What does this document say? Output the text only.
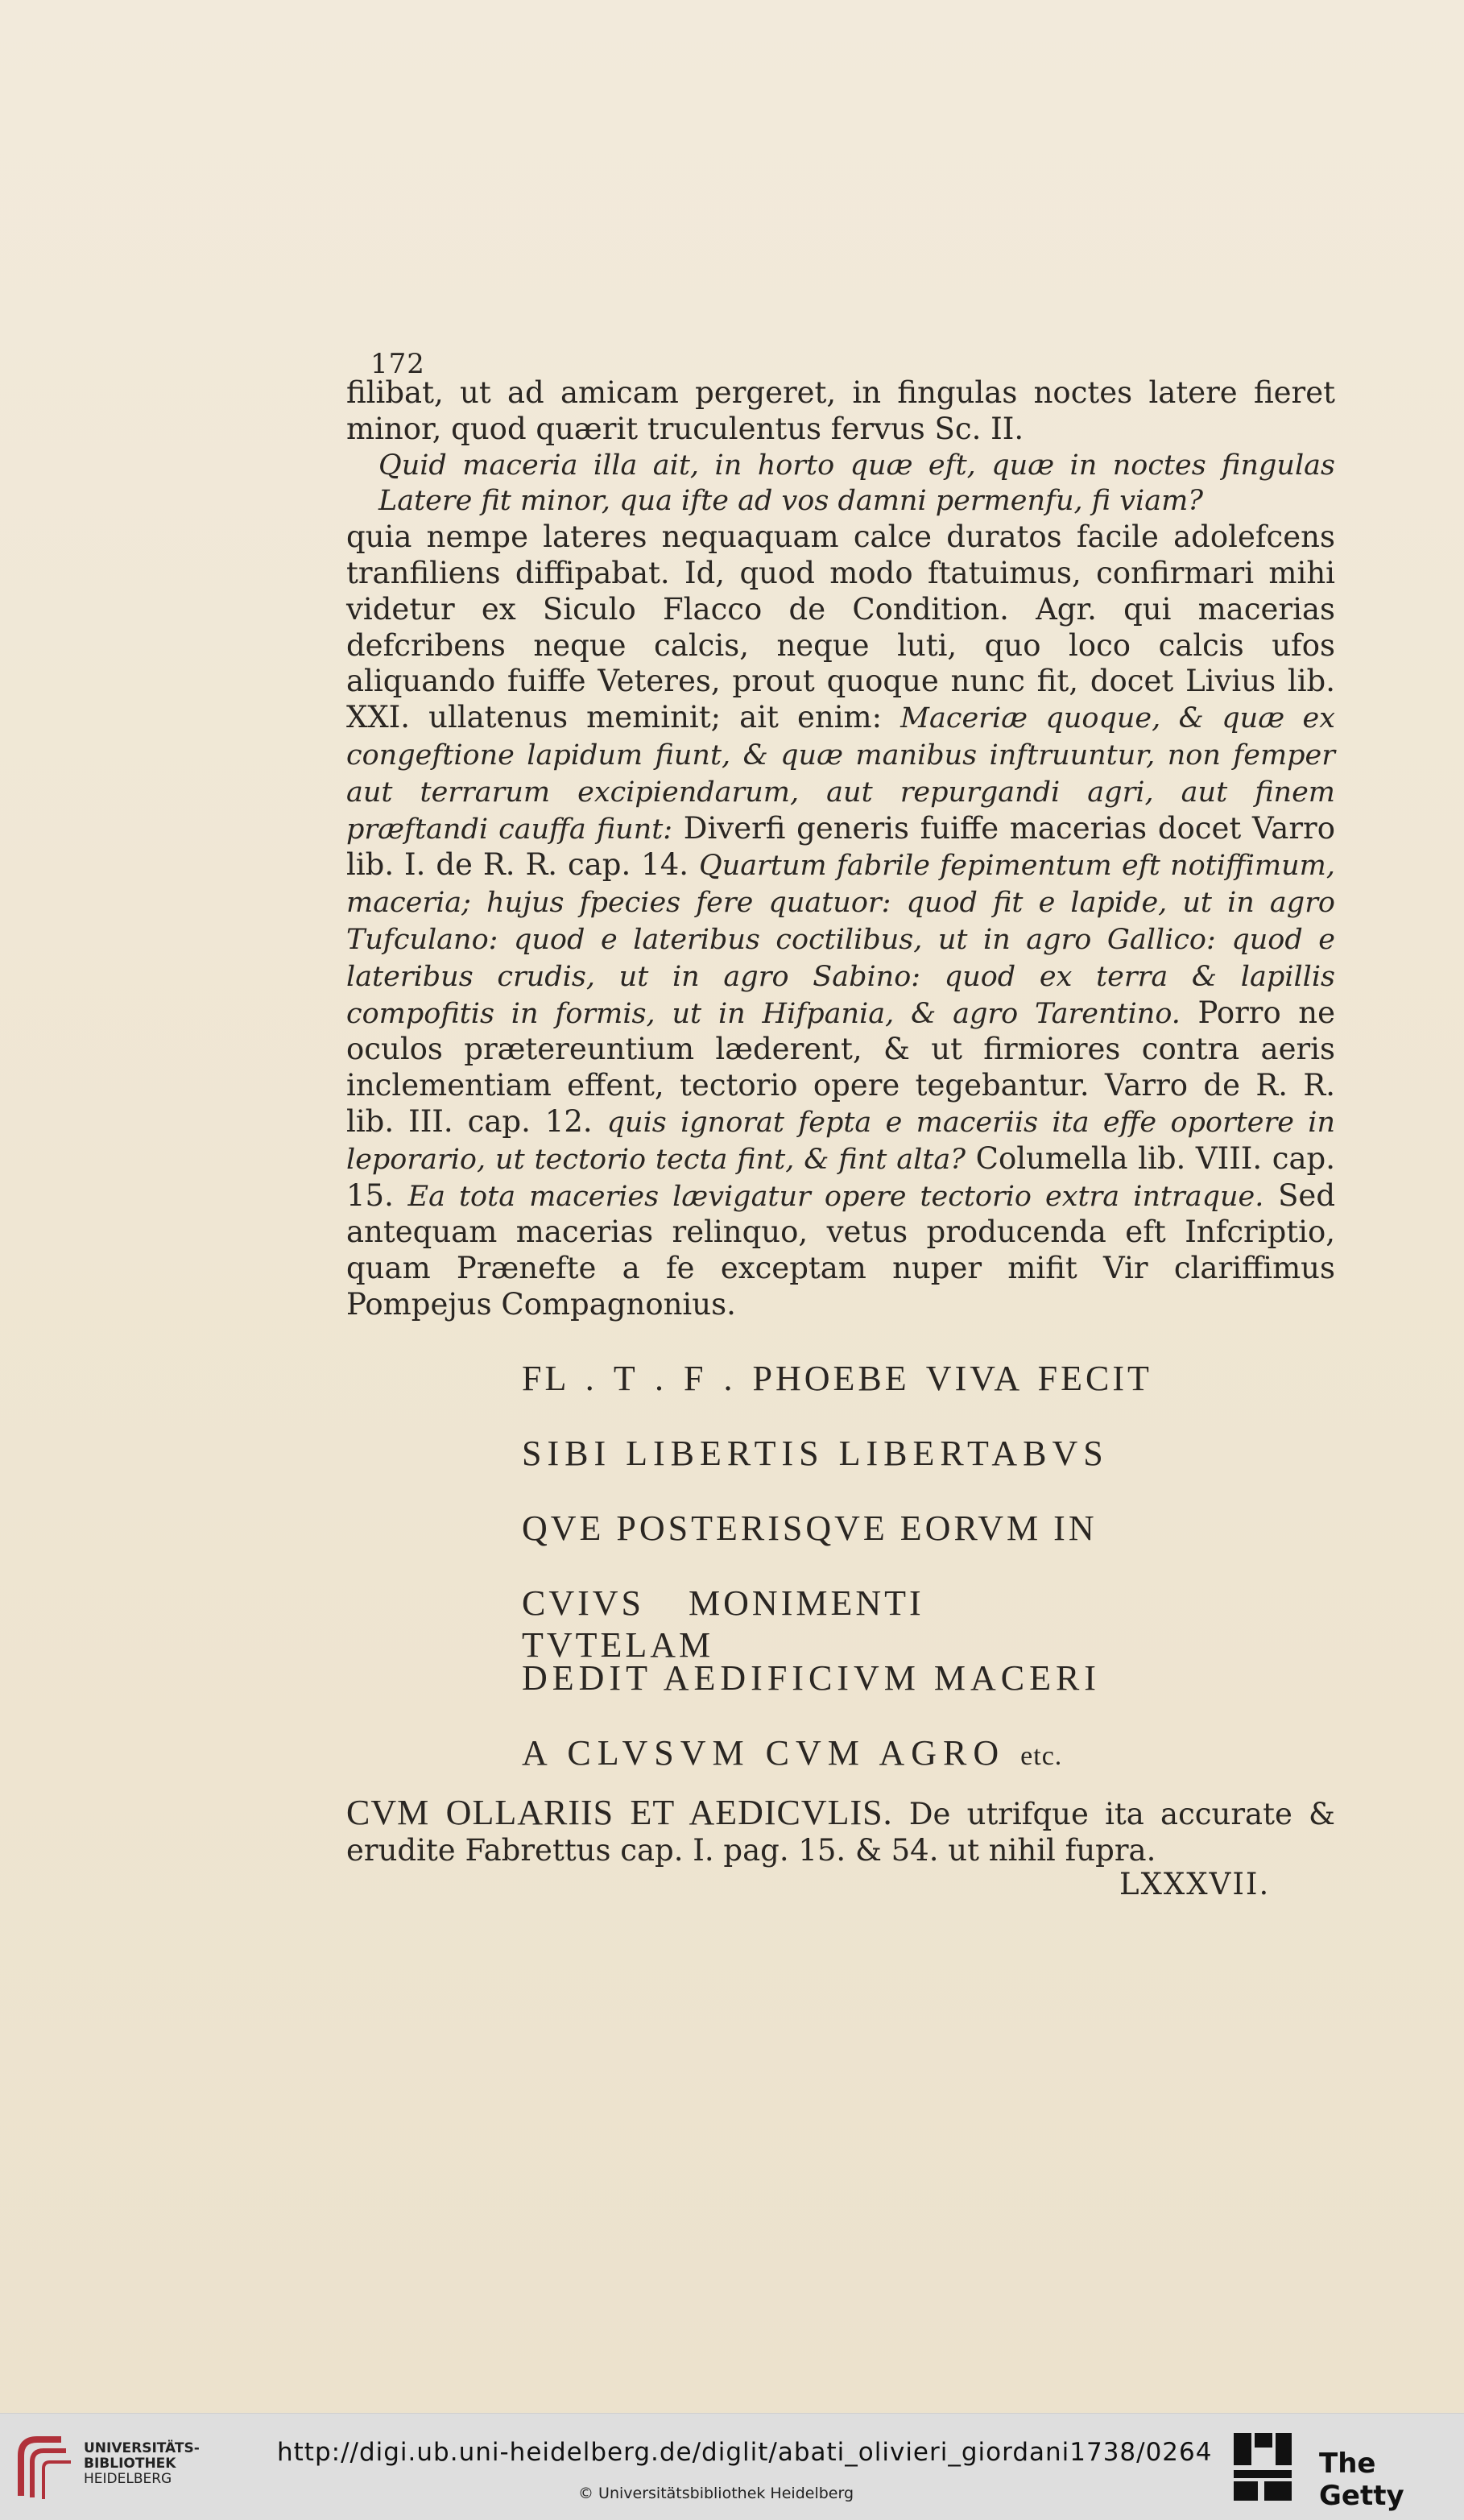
172

filibat, ut ad amicam pergeret, in fingulas noctes latere fieret minor, quod quærit truculentus fervus Sc. II.
Quid maceria illa ait, in horto quæ eft, quæ in noctes fingulas Latere fit minor, qua ifte ad vos damni permenfu, fi viam?
quia nempe lateres nequaquam calce duratos facile adolefcens tranfiliens diffipabat. Id, quod modo ftatuimus, confirmari mihi videtur ex Siculo Flacco de Condition. Agr. qui macerias defcribens neque calcis, neque luti, quo loco calcis ufos aliquando fuiffe Veteres, prout quoque nunc fit, docet Livius lib. XXI. ullatenus meminit; ait enim: Maceriæ quoque, & quæ ex congeftione lapidum fiunt, & quæ manibus inftruuntur, non femper aut terrarum excipiendarum, aut repurgandi agri, aut finem præftandi cauffa fiunt: Diverfi generis fuiffe macerias docet Varro lib. I. de R. R. cap. 14. Quartum fabrile fepimentum eft notiffimum, maceria; hujus fpecies fere quatuor: quod fit e lapide, ut in agro Tufculano: quod e lateribus coctilibus, ut in agro Gallico: quod e lateribus crudis, ut in agro Sabino: quod ex terra & lapillis compofitis in formis, ut in Hifpania, & agro Tarentino. Porro ne oculos prætereuntium læderent, & ut firmiores contra aeris inclementiam effent, tectorio opere tegebantur. Varro de R. R. lib. III. cap. 12. quis ignorat fepta e maceriis ita effe oportere in leporario, ut tectorio tecta fint, & fint alta? Columella lib. VIII. cap. 15. Ea tota maceries lævigatur opere tectorio extra intraque. Sed antequam macerias relinquo, vetus producenda eft Infcriptio, quam Prænefte a fe exceptam nuper mifit Vir clariffimus Pompejus Compagnonius.

FL . T . F . PHOEBE VIVA FECIT
SIBI LIBERTIS LIBERTABVS
QVE POSTERISQVE EORVM IN
CVIVS MONIMENTI TVTELAM
DEDIT AEDIFICIVM MACERI
A CLVSVM CVM AGRO etc.
CVM OLLARIIS ET AEDICVLIS. De utrifque ita accurate & erudite Fabrettus cap. I. pag. 15. & 54. ut nihil fupra.
LXXXVII.
UNIVERSITÄTS-
BIBLIOTHEK
HEIDELBERG
http://digi.ub.uni-heidelberg.de/diglit/abati_olivieri_giordani1738/0264
© Universitätsbibliothek Heidelberg
The Getty
